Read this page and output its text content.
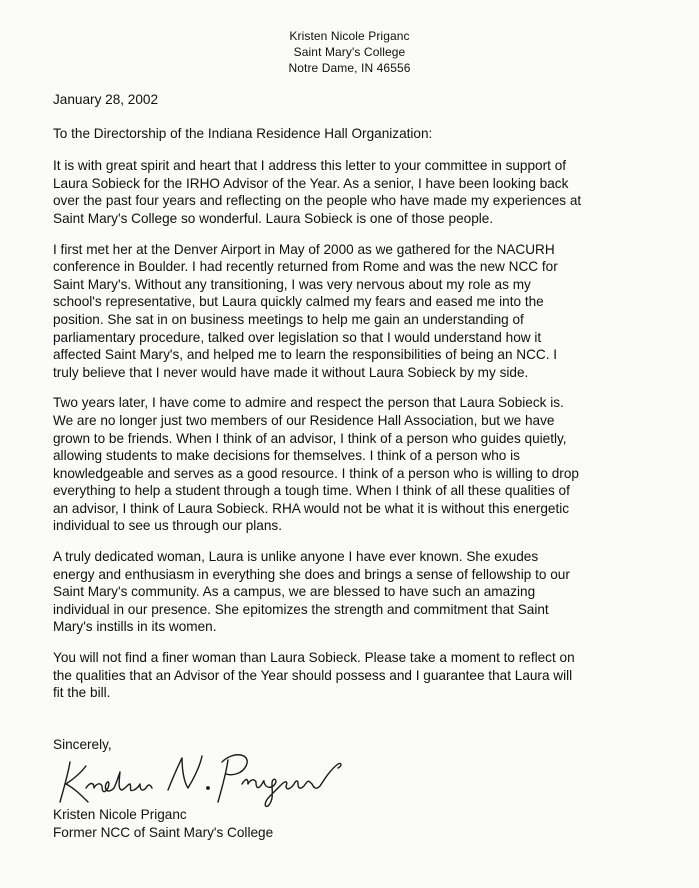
Kristen Nicole Priganc
Saint Mary's College
Notre Dame, IN 46556
January 28, 2002
To the Directorship of the Indiana Residence Hall Organization:
It is with great spirit and heart that I address this letter to your committee in support of
Laura Sobieck for the IRHO Advisor of the Year. As a senior, I have been looking back
over the past four years and reflecting on the people who have made my experiences at
Saint Mary's College so wonderful. Laura Sobieck is one of those people.
I first met her at the Denver Airport in May of 2000 as we gathered for the NACURH
conference in Boulder. I had recently returned from Rome and was the new NCC for
Saint Mary's. Without any transitioning, I was very nervous about my role as my
school's representative, but Laura quickly calmed my fears and eased me into the
position. She sat in on business meetings to help me gain an understanding of
parliamentary procedure, talked over legislation so that I would understand how it
affected Saint Mary's, and helped me to learn the responsibilities of being an NCC. I
truly believe that I never would have made it without Laura Sobieck by my side.
Two years later, I have come to admire and respect the person that Laura Sobieck is.
We are no longer just two members of our Residence Hall Association, but we have
grown to be friends. When I think of an advisor, I think of a person who guides quietly,
allowing students to make decisions for themselves. I think of a person who is
knowledgeable and serves as a good resource. I think of a person who is willing to drop
everything to help a student through a tough time. When I think of all these qualities of
an advisor, I think of Laura Sobieck. RHA would not be what it is without this energetic
individual to see us through our plans.
A truly dedicated woman, Laura is unlike anyone I have ever known. She exudes
energy and enthusiasm in everything she does and brings a sense of fellowship to our
Saint Mary's community. As a campus, we are blessed to have such an amazing
individual in our presence. She epitomizes the strength and commitment that Saint
Mary's instills in its women.
You will not find a finer woman than Laura Sobieck. Please take a moment to reflect on
the qualities that an Advisor of the Year should possess and I guarantee that Laura will
fit the bill.
Sincerely,
Kristen Nicole Priganc
Former NCC of Saint Mary's College
